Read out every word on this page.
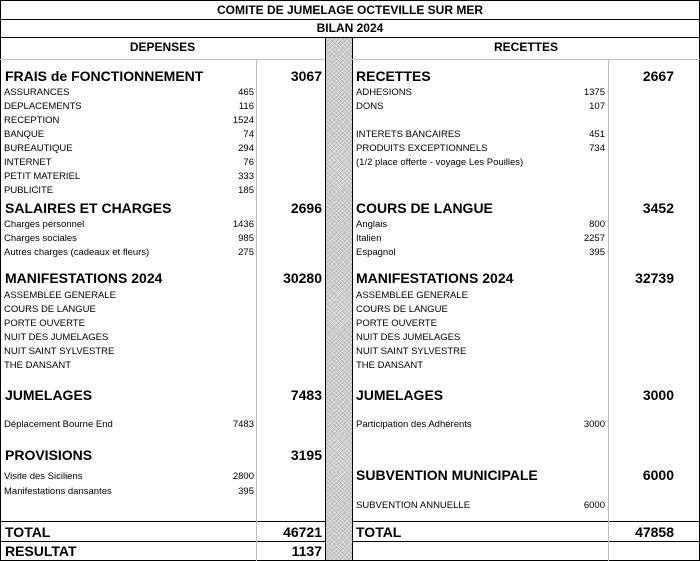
COMITE DE JUMELAGE OCTEVILLE SUR MER
BILAN 2024
DEPENSES	RECETTES
FRAIS de FONCTIONNEMENT	3067
ASSURANCES	465
DEPLACEMENTS	116
RECEPTION	1524
BANQUE	74
BUREAUTIQUE	294
INTERNET	76
PETIT MATERIEL	333
PUBLICITE	185
SALAIRES ET CHARGES	2696
Charges personnel	1436
Charges sociales	985
Autres charges (cadeaux et fleurs)	275
MANIFESTATIONS 2024	30280
ASSEMBLEE GENERALE
COURS DE LANGUE
PORTE OUVERTE
NUIT DES JUMELAGES
NUIT SAINT SYLVESTRE
THE DANSANT
JUMELAGES	7483
Déplacement Bourne End	7483
PROVISIONS	3195
Visite des Siciliens	2800
Manifestations dansantes	395
TOTAL	46721
RESULTAT	1137
RECETTES	2667
ADHESIONS	1375
DONS	107
INTERETS BANCAIRES	451
PRODUITS EXCEPTIONNELS	734
(1/2 place offerte - voyage Les Pouilles)
COURS DE LANGUE	3452
Anglais	800
Italien	2257
Espagnol	395
MANIFESTATIONS 2024	32739
ASSEMBLEE GENERALE
COURS DE LANGUE
PORTE OUVERTE
NUIT DES JUMELAGES
NUIT SAINT SYLVESTRE
THE DANSANT
JUMELAGES	3000
Participation des Adhérents	3000
SUBVENTION MUNICIPALE	6000
SUBVENTION ANNUELLE	6000
TOTAL	47858
